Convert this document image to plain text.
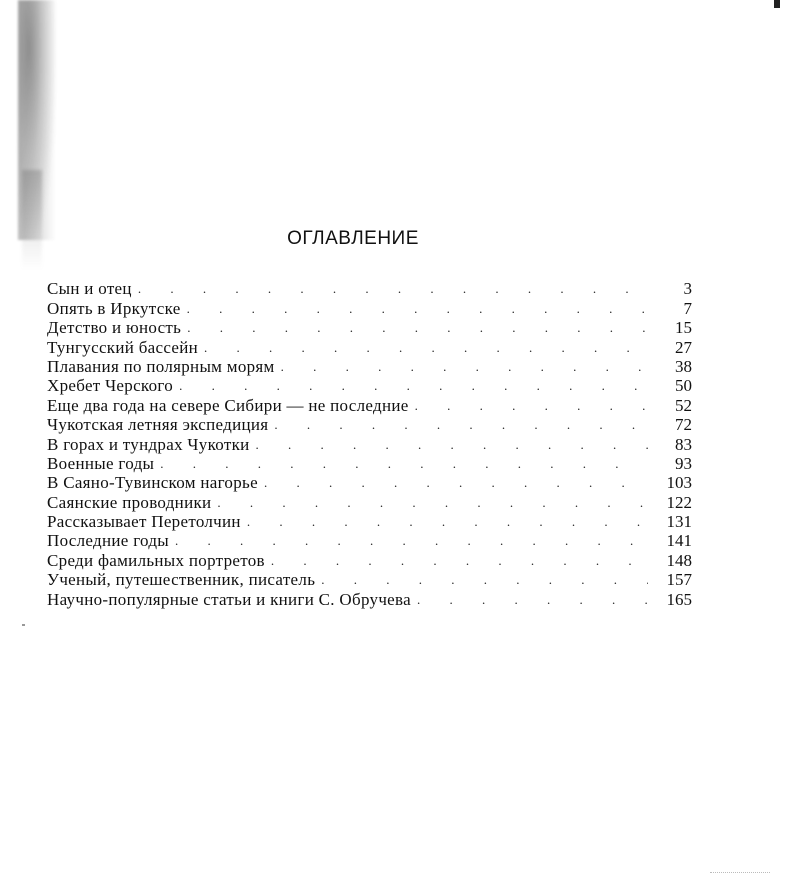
ОГЛАВЛЕНИЕ
Сын и отец . . .	3
Опять в Иркутске . . .	7
Детство и юность . . .	15
Тунгусский бассейн . . .	27
Плавания по полярным морям . . .	38
Хребет Черского . . .	50
Еще два года на севере Сибири — не последние . . .	52
Чукотская летняя экспедиция . . .	72
В горах и тундрах Чукотки . . .	83
Военные годы . . .	93
В Саяно-Тувинском нагорье . . .	103
Саянские проводники . . .	122
Рассказывает Перетолчин . . .	131
Последние годы . . .	141
Среди фамильных портретов . . .	148
Ученый, путешественник, писатель . . .	157
Научно-популярные статьи и книги С. Обручева . . .	165
